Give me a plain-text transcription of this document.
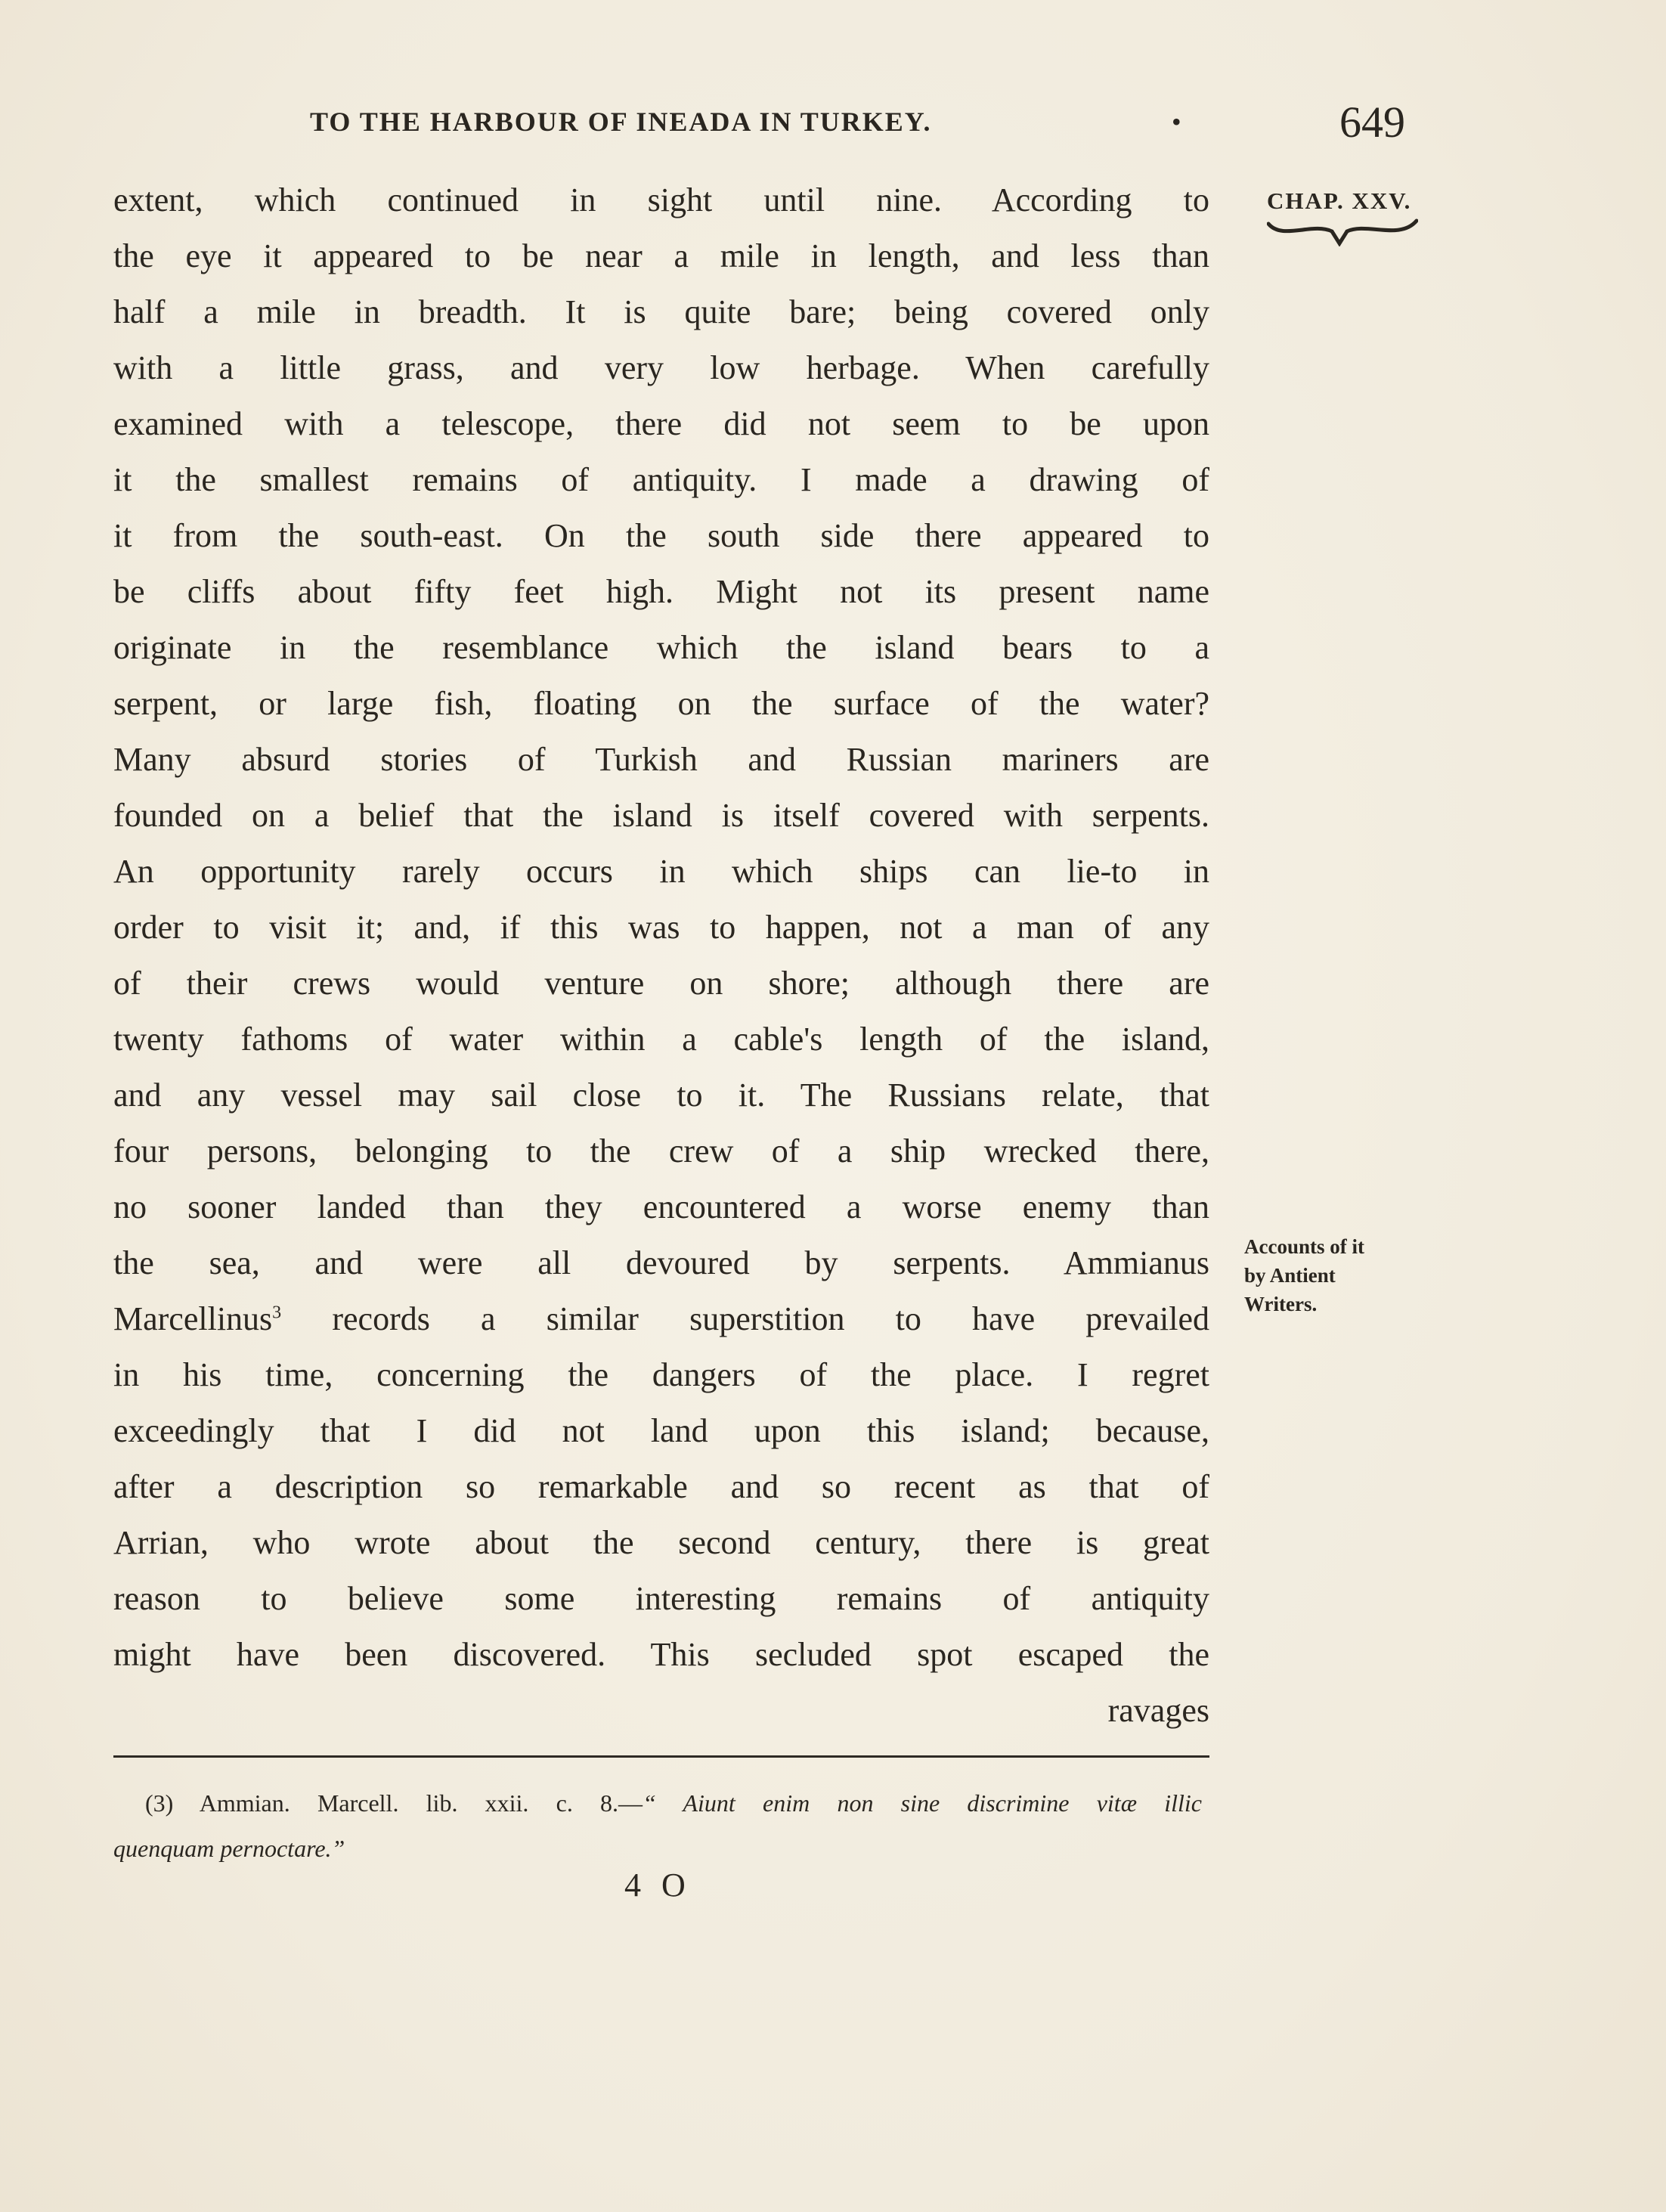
TO THE HARBOUR OF INEADA IN TURKEY.	•	649
CHAP. XXV.
extent, which continued in sight until nine. According to
the eye it appeared to be near a mile in length, and less than
half a mile in breadth. It is quite bare; being covered only
with a little grass, and very low herbage. When carefully
examined with a telescope, there did not seem to be upon
it the smallest remains of antiquity. I made a drawing of
it from the south-east. On the south side there appeared to
be cliffs about fifty feet high. Might not its present name
originate in the resemblance which the island bears to a
serpent, or large fish, floating on the surface of the water?
Many absurd stories of Turkish and Russian mariners are
founded on a belief that the island is itself covered with serpents.
An opportunity rarely occurs in which ships can lie-to in
order to visit it; and, if this was to happen, not a man of any
of their crews would venture on shore; although there are
twenty fathoms of water within a cable's length of the island,
and any vessel may sail close to it. The Russians relate, that
four persons, belonging to the crew of a ship wrecked there,
no sooner landed than they encountered a worse enemy than
the sea, and were all devoured by serpents. Ammianus
Marcellinus$^3$ records a similar superstition to have prevailed
in his time, concerning the dangers of the place. I regret
exceedingly that I did not land upon this island; because,
after a description so remarkable and so recent as that of
Arrian, who wrote about the second century, there is great
reason to believe some interesting remains of antiquity
might have been discovered. This secluded spot escaped the
ravages
Accounts of it
by Antient
Writers.
(3) Ammian. Marcell. lib. xxii. c. 8.—“ Aiunt enim non sine discrimine vitæ illic
quenquam pernoctare.”
4 O
